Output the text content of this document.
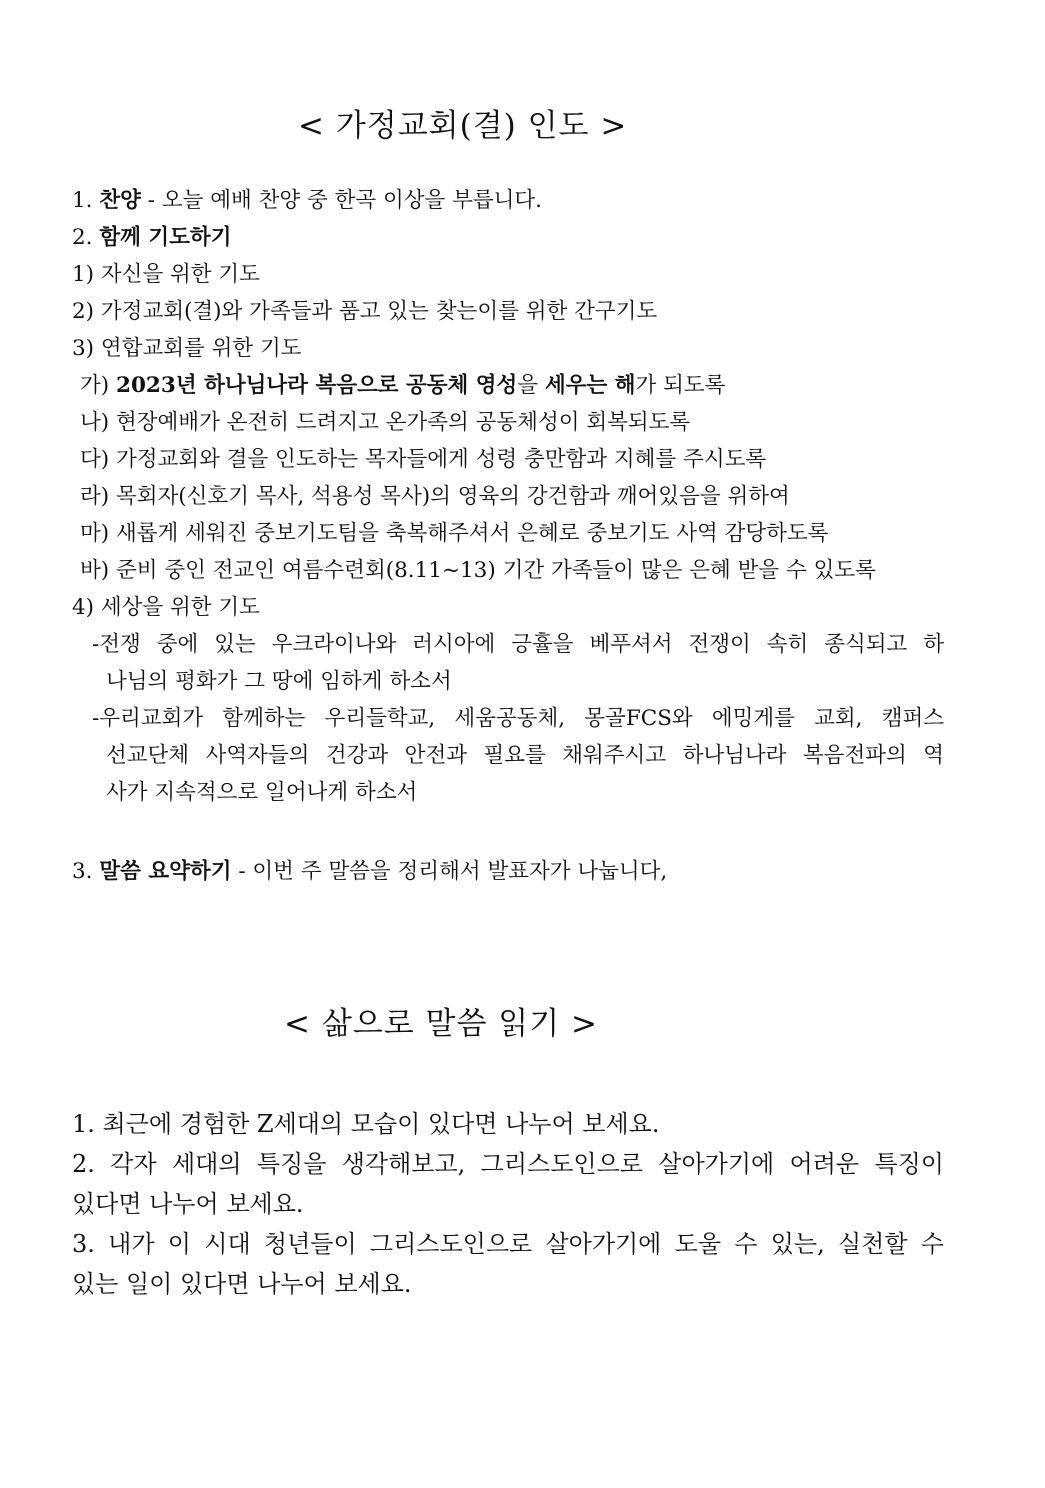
< 가정교회(결) 인도 >
1. 찬양 - 오늘 예배 찬양 중 한곡 이상을 부릅니다.
2. 함께 기도하기
1) 자신을 위한 기도
2) 가정교회(결)와 가족들과 품고 있는 찾는이를 위한 간구기도
3) 연합교회를 위한 기도
가) 2023년 하나님나라 복음으로 공동체 영성을 세우는 해가 되도록
나) 현장예배가 온전히 드려지고 온가족의 공동체성이 회복되도록
다) 가정교회와 결을 인도하는 목자들에게 성령 충만함과 지혜를 주시도록
라) 목회자(신호기 목사, 석용성 목사)의 영육의 강건함과 깨어있음을 위하여
마) 새롭게 세워진 중보기도팀을 축복해주셔서 은혜로 중보기도 사역 감당하도록
바) 준비 중인 전교인 여름수련회(8.11~13) 기간 가족들이 많은 은혜 받을 수 있도록
4) 세상을 위한 기도
-전쟁 중에 있는 우크라이나와 러시아에 긍휼을 베푸셔서 전쟁이 속히 종식되고 하
나님의 평화가 그 땅에 임하게 하소서
-우리교회가 함께하는 우리들학교, 세움공동체, 몽골FCS와 에밍게를 교회, 캠퍼스
선교단체 사역자들의 건강과 안전과 필요를 채워주시고 하나님나라 복음전파의 역
사가 지속적으로 일어나게 하소서
3. 말씀 요약하기 - 이번 주 말씀을 정리해서 발표자가 나눕니다,
< 삶으로 말씀 읽기 >
1. 최근에 경험한 Z세대의 모습이 있다면 나누어 보세요.
2. 각자 세대의 특징을 생각해보고, 그리스도인으로 살아가기에 어려운 특징이
있다면 나누어 보세요.
3. 내가 이 시대 청년들이 그리스도인으로 살아가기에 도울 수 있는, 실천할 수
있는 일이 있다면 나누어 보세요.
